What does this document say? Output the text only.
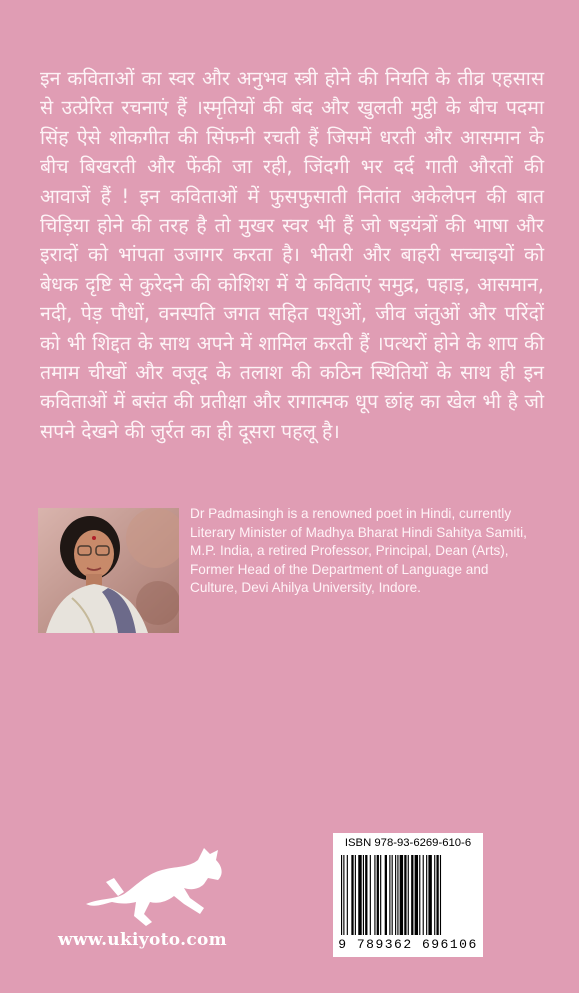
इन कविताओं का स्वर और अनुभव स्त्री होने की नियति के तीव्र एहसास से उत्प्रेरित रचनाएं हैं ।स्मृतियों की बंद और खुलती मुट्ठी के बीच पदमा सिंह ऐसे शोकगीत की सिंफनी रचती हैं जिसमें धरती और आसमान के बीच बिखरती और फेंकी जा रही, जिंदगी भर दर्द गाती औरतों की आवाजें हैं ! इन कविताओं में फुसफुसाती नितांत अकेलेपन की बात चिड़िया होने की तरह है तो मुखर स्वर भी हैं जो षड़यंत्रों की भाषा और इरादों को भांपता उजागर करता है। भीतरी और बाहरी सच्चाइयों को बेधक दृष्टि से कुरेदने की कोशिश में ये कविताएं समुद्र, पहाड़, आसमान, नदी, पेड़ पौधों, वनस्पति जगत सहित पशुओं, जीव जंतुओं और परिंदों को भी शिद्दत के साथ अपने में शामिल करती हैं ।पत्थरों होने के शाप की तमाम चीखों और वजूद के तलाश की कठिन स्थितियों के साथ ही इन कविताओं में बसंत की प्रतीक्षा और रागात्मक धूप छांह का खेल भी है जो सपने देखने की जुर्रत का ही दूसरा पहलू है।

Dr Padmasingh is a renowned poet in Hindi, currently Literary Minister of Madhya Bharat Hindi Sahitya Samiti, M.P. India, a retired Professor, Principal, Dean (Arts), Former Head of the Department of Language and Culture, Devi Ahilya University, Indore.

www.ukiyoto.com
ISBN 978-93-6269-610-6
9 789362 696106
